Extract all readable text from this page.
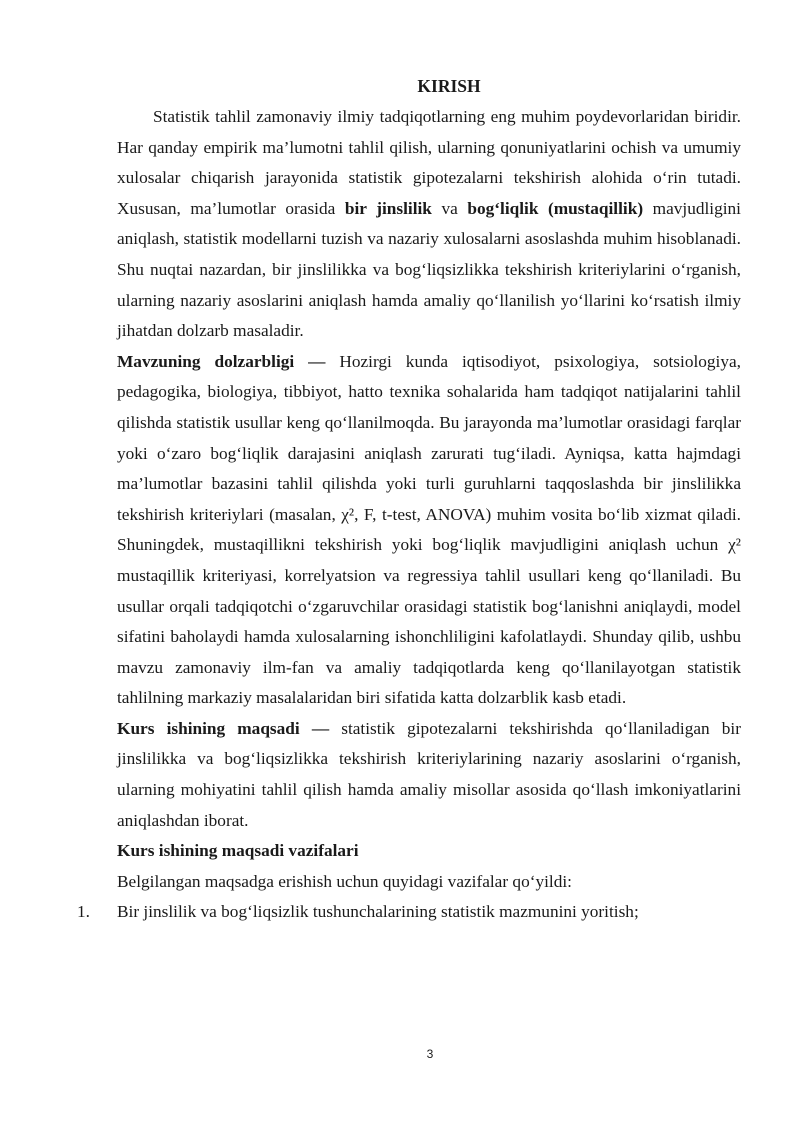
KIRISH

Statistik tahlil zamonaviy ilmiy tadqiqotlarning eng muhim poydevorlaridan biridir. Har qanday empirik ma’lumotni tahlil qilish, ularning qonuniyatlarini ochish va umumiy xulosalar chiqarish jarayonida statistik gipotezalarni tekshirish alohida o‘rin tutadi. Xususan, ma’lumotlar orasida bir jinslilik va bog‘liqlik (mustaqillik) mavjudligini aniqlash, statistik modellarni tuzish va nazariy xulosalarni asoslashda muhim hisoblanadi. Shu nuqtai nazardan, bir jinslilikka va bog‘liqsizlikka tekshirish kriteriylarini o‘rganish, ularning nazariy asoslarini aniqlash hamda amaliy qo‘llanilish yo‘llarini ko‘rsatish ilmiy jihatdan dolzarb masaladir.

Mavzuning dolzarbligi — Hozirgi kunda iqtisodiyot, psixologiya, sotsiologiya, pedagogika, biologiya, tibbiyot, hatto texnika sohalarida ham tadqiqot natijalarini tahlil qilishda statistik usullar keng qo‘llanilmoqda. Bu jarayonda ma’lumotlar orasidagi farqlar yoki o‘zaro bog‘liqlik darajasini aniqlash zarurati tug‘iladi. Ayniqsa, katta hajmdagi ma’lumotlar bazasini tahlil qilishda yoki turli guruhlarni taqqoslashda bir jinslilikka tekshirish kriteriylari (masalan, χ², F, t-test, ANOVA) muhim vosita bo‘lib xizmat qiladi. Shuningdek, mustaqillikni tekshirish yoki bog‘liqlik mavjudligini aniqlash uchun χ² mustaqillik kriteriyasi, korrelyatsion va regressiya tahlil usullari keng qo‘llaniladi. Bu usullar orqali tadqiqotchi o‘zgaruvchilar orasidagi statistik bog‘lanishni aniqlaydi, model sifatini baholaydi hamda xulosalarning ishonchliligini kafolatlaydi. Shunday qilib, ushbu mavzu zamonaviy ilm-fan va amaliy tadqiqotlarda keng qo‘llanilayotgan statistik tahlilning markaziy masalalaridan biri sifatida katta dolzarblik kasb etadi.

Kurs ishining maqsadi — statistik gipotezalarni tekshirishda qo‘llaniladigan bir jinslilikka va bog‘liqsizlikka tekshirish kriteriylarining nazariy asoslarini o‘rganish, ularning mohiyatini tahlil qilish hamda amaliy misollar asosida qo‘llash imkoniyatlarini aniqlashdan iborat.

Kurs ishining maqsadi vazifalari

Belgilangan maqsadga erishish uchun quyidagi vazifalar qo‘yildi:

1. Bir jinslilik va bog‘liqsizlik tushunchalarining statistik mazmunini yoritish;

3
